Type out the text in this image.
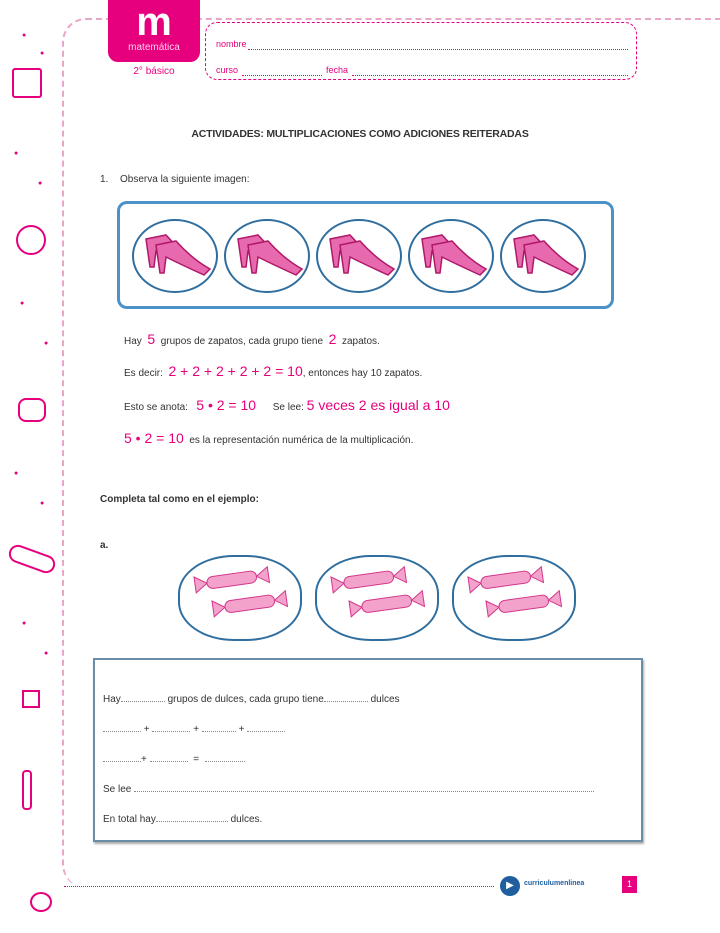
●
●
●
●
●
●
●
●
●
●
m
matemática
2° básico
nombre
curso	fecha
ACTIVIDADES: MULTIPLICACIONES COMO ADICIONES REITERADAS
1. Observa la siguiente imagen:
Hay 5 grupos de zapatos, cada grupo tiene 2 zapatos.
Es decir: 2 + 2 + 2 + 2 + 2 = 10, entonces hay 10 zapatos.
Esto se anota: 5 • 2 = 10 Se lee: 5 veces 2 es igual a 10
5 • 2 = 10 es la representación numérica de la multiplicación.
Completa tal como en el ejemplo:
a.
Hay	grupos de dulces, cada grupo tiene	dulces
+	+	+
+	=
Se lee
En total hay	dulces.
▶	curriculumenlinea	1
